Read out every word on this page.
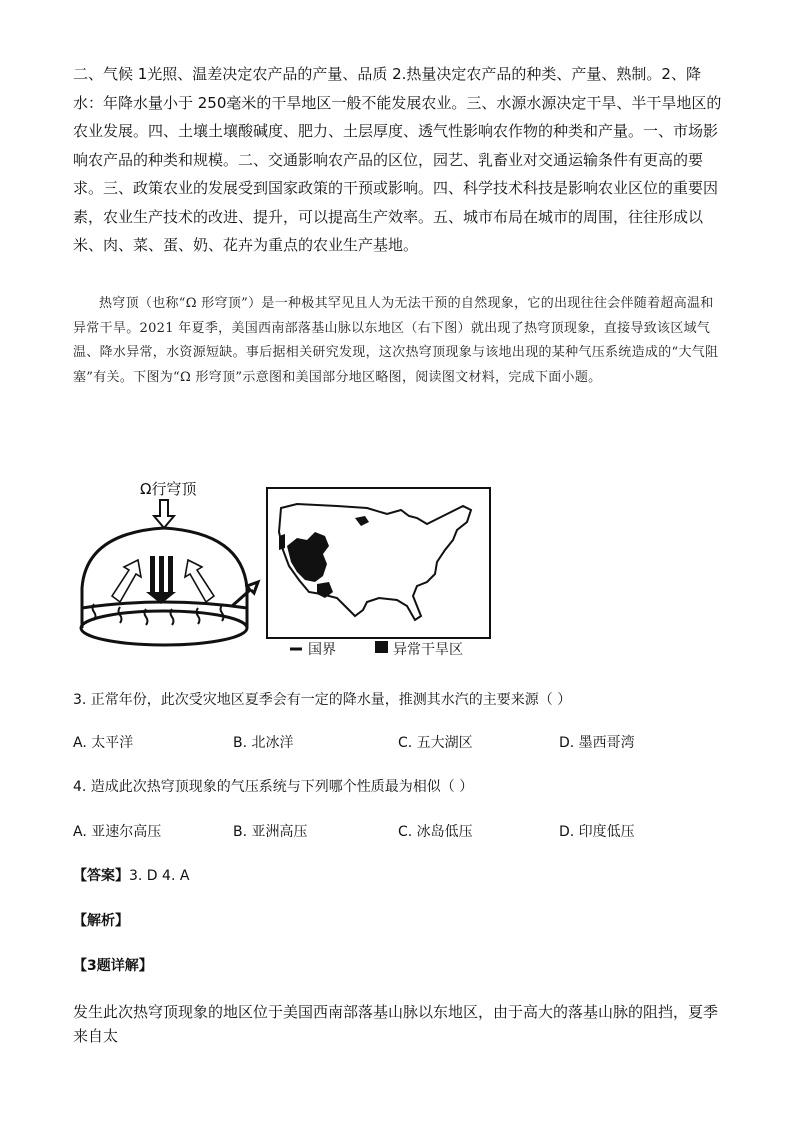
二、气候 1光照、温差决定农产品的产量、品质 2.热量决定农产品的种类、产量、熟制。2、降水：年降水量小于 250毫米的干旱地区一般不能发展农业。三、水源水源决定干旱、半干旱地区的农业发展。四、土壤土壤酸碱度、肥力、土层厚度、透气性影响农作物的种类和产量。一、市场影响农产品的种类和规模。二、交通影响农产品的区位，园艺、乳畜业对交通运输条件有更高的要求。三、政策农业的发展受到国家政策的干预或影响。四、科学技术科技是影响农业区位的重要因素，农业生产技术的改进、提升，可以提高生产效率。五、城市布局在城市的周围，往往形成以米、肉、菜、蛋、奶、花卉为重点的农业生产基地。
热穹顶（也称“Ω 形穹顶”）是一种极其罕见且人为无法干预的自然现象，它的出现往往会伴随着超高温和异常干旱。2021 年夏季，美国西南部落基山脉以东地区（右下图）就出现了热穹顶现象，直接导致该区域气温、降水异常，水资源短缺。事后据相关研究发现，这次热穹顶现象与该地出现的某种气压系统造成的“大气阻塞”有关。下图为“Ω 形穹顶”示意图和美国部分地区略图，阅读图文材料，完成下面小题。
Ω行穹顶
国界	异常干旱区
3. 正常年份，此次受灾地区夏季会有一定的降水量，推测其水汽的主要来源（ ）
A. 太平洋	B. 北冰洋	C. 五大湖区	D. 墨西哥湾
4. 造成此次热穹顶现象的气压系统与下列哪个性质最为相似（ ）
A. 亚速尔高压	B. 亚洲高压	C. 冰岛低压	D. 印度低压
【答案】3. D 4. A
【解析】
【3题详解】
发生此次热穹顶现象的地区位于美国西南部落基山脉以东地区，由于高大的落基山脉的阻挡，夏季来自太
